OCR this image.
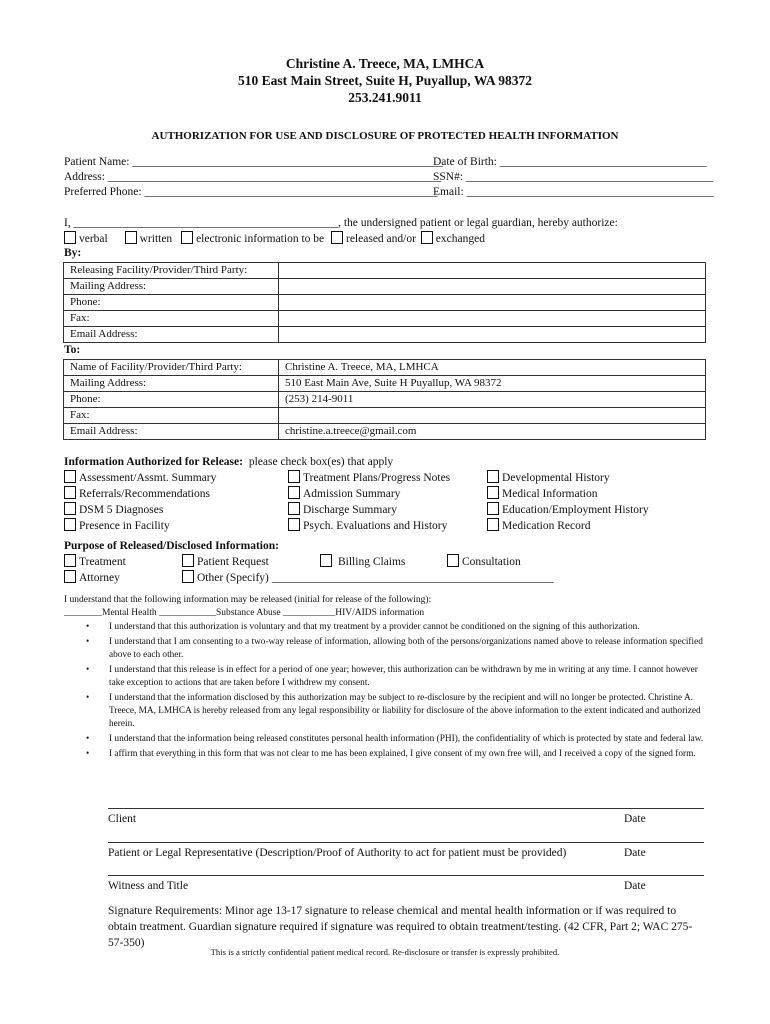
Christine A. Treece, MA, LMHCA
510 East Main Street, Suite H, Puyallup, WA 98372
253.241.9011
AUTHORIZATION FOR USE AND DISCLOSURE OF PROTECTED HEALTH INFORMATION
Patient Name: ______________________________________________________
Address: __________________________________________________________
Preferred Phone: ___________________________________________________
Date of Birth: ____________________________________
SSN#: ___________________________________________
Email: ___________________________________________
I, ______________________________________________, the undersigned patient or legal guardian, hereby authorize:
verbal	written electronic information to be released and/or exchanged
By:
Releasing Facility/Provider/Third Party:	
Mailing Address:	
Phone:	
Fax:	
Email Address:	
To:
Name of Facility/Provider/Third Party:	Christine A. Treece, MA, LMHCA
Mailing Address:	510 East Main Ave, Suite H Puyallup, WA 98372
Phone:	(253) 214-9011
Fax:	
Email Address:	christine.a.treece@gmail.com
Information Authorized for Release: please check box(es) that apply
Assessment/Assmt. Summary
Referrals/Recommendations
DSM 5 Diagnoses
Presence in Facility
Treatment Plans/Progress Notes
Admission Summary
Discharge Summary
Psych. Evaluations and History
Developmental History
Medical Information
Education/Employment History
Medication Record
Purpose of Released/Disclosed Information:
Treatment	Patient Request	Billing Claims	Consultation
Attorney	Other (Specify) _________________________________________________
I understand that the following information may be released (initial for release of the following):
________Mental Health ____________Substance Abuse ___________HIV/AIDS information
• I understand that this authorization is voluntary and that my treatment by a provider cannot be conditioned on the signing of this authorization.
• I understand that I am consenting to a two-way release of information, allowing both of the persons/organizations named above to release information specified above to each other.
• I understand that this release is in effect for a period of one year; however, this authorization can be withdrawn by me in writing at any time. I cannot however take exception to actions that are taken before I withdrew my consent.
• I understand that the information disclosed by this authorization may be subject to re-disclosure by the recipient and will no longer be protected. Christine A. Treece, MA, LMHCA is hereby released from any legal responsibility or liability for disclosure of the above information to the extent indicated and authorized herein.
• I understand that the information being released constitutes personal health information (PHI), the confidentiality of which is protected by state and federal law.
• I affirm that everything in this form that was not clear to me has been explained, I give consent of my own free will, and I received a copy of the signed form.
Client	Date
Patient or Legal Representative (Description/Proof of Authority to act for patient must be provided)	Date
Witness and Title	Date
Signature Requirements: Minor age 13-17 signature to release chemical and mental health information or if was required to obtain treatment. Guardian signature required if signature was required to obtain treatment/testing. (42 CFR, Part 2; WAC 275-57-350)
This is a strictly confidential patient medical record. Re-disclosure or transfer is expressly prohibited.
